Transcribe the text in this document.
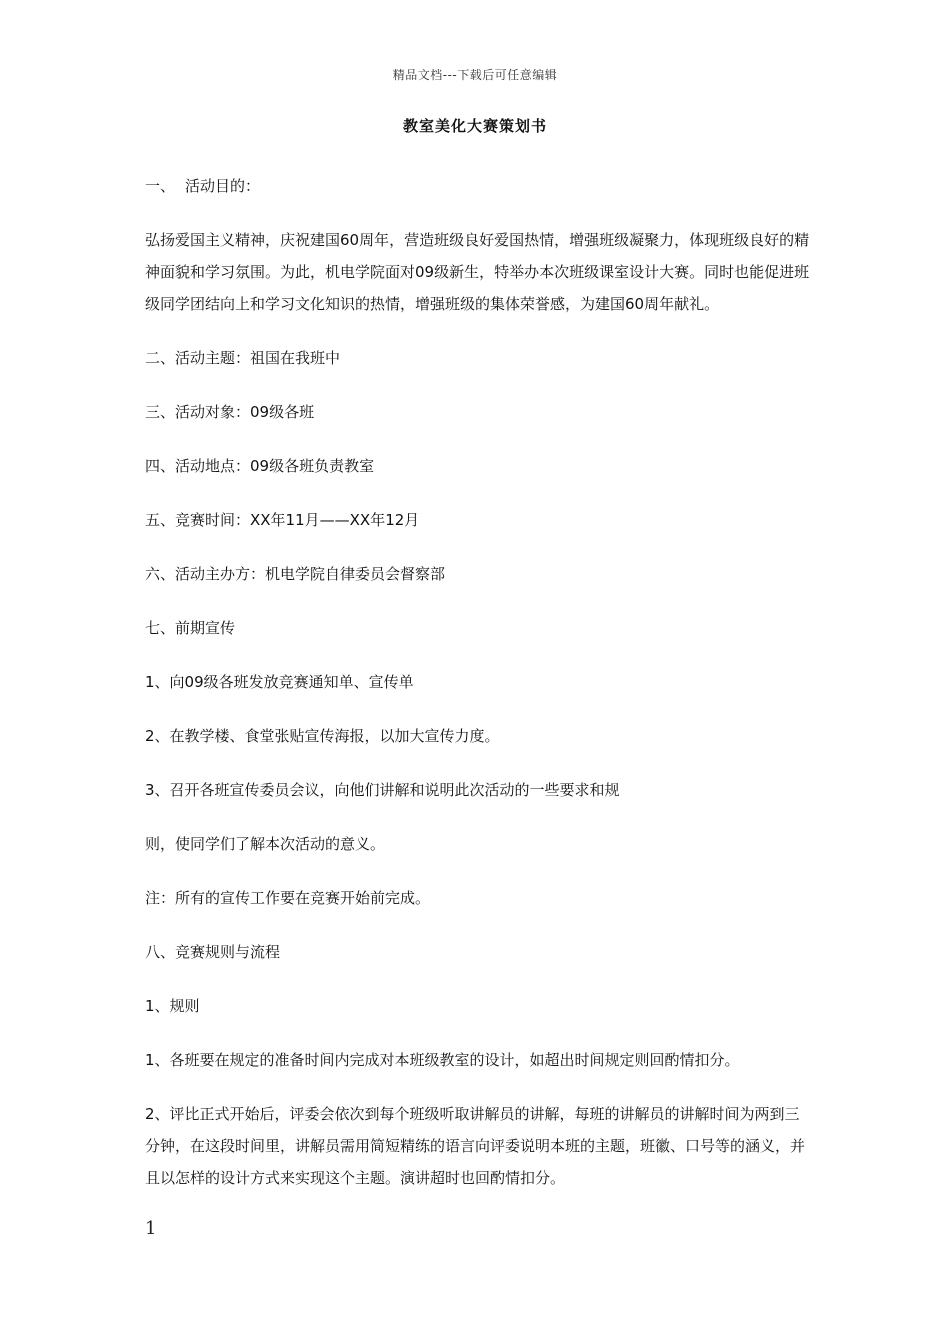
精品文档---下载后可任意编辑
教室美化大赛策划书

一、 活动目的：

弘扬爱国主义精神，庆祝建国60周年，营造班级良好爱国热情，增强班级凝聚力，体现班级良好的精神面貌和学习氛围。为此，机电学院面对09级新生，特举办本次班级课室设计大赛。同时也能促进班级同学团结向上和学习文化知识的热情，增强班级的集体荣誉感，为建国60周年献礼。

二、活动主题：祖国在我班中

三、活动对象：09级各班

四、活动地点：09级各班负责教室

五、竞赛时间：XX年11月——XX年12月

六、活动主办方：机电学院自律委员会督察部

七、前期宣传

1、向09级各班发放竞赛通知单、宣传单

2、在教学楼、食堂张贴宣传海报，以加大宣传力度。

3、召开各班宣传委员会议，向他们讲解和说明此次活动的一些要求和规

则，使同学们了解本次活动的意义。

注：所有的宣传工作要在竞赛开始前完成。

八、竞赛规则与流程

1、规则

1、各班要在规定的准备时间内完成对本班级教室的设计，如超出时间规定则回酌情扣分。

2、评比正式开始后，评委会依次到每个班级听取讲解员的讲解，每班的讲解员的讲解时间为两到三分钟，在这段时间里，讲解员需用简短精练的语言向评委说明本班的主题，班徽、口号等的涵义，并且以怎样的设计方式来实现这个主题。演讲超时也回酌情扣分。

1
